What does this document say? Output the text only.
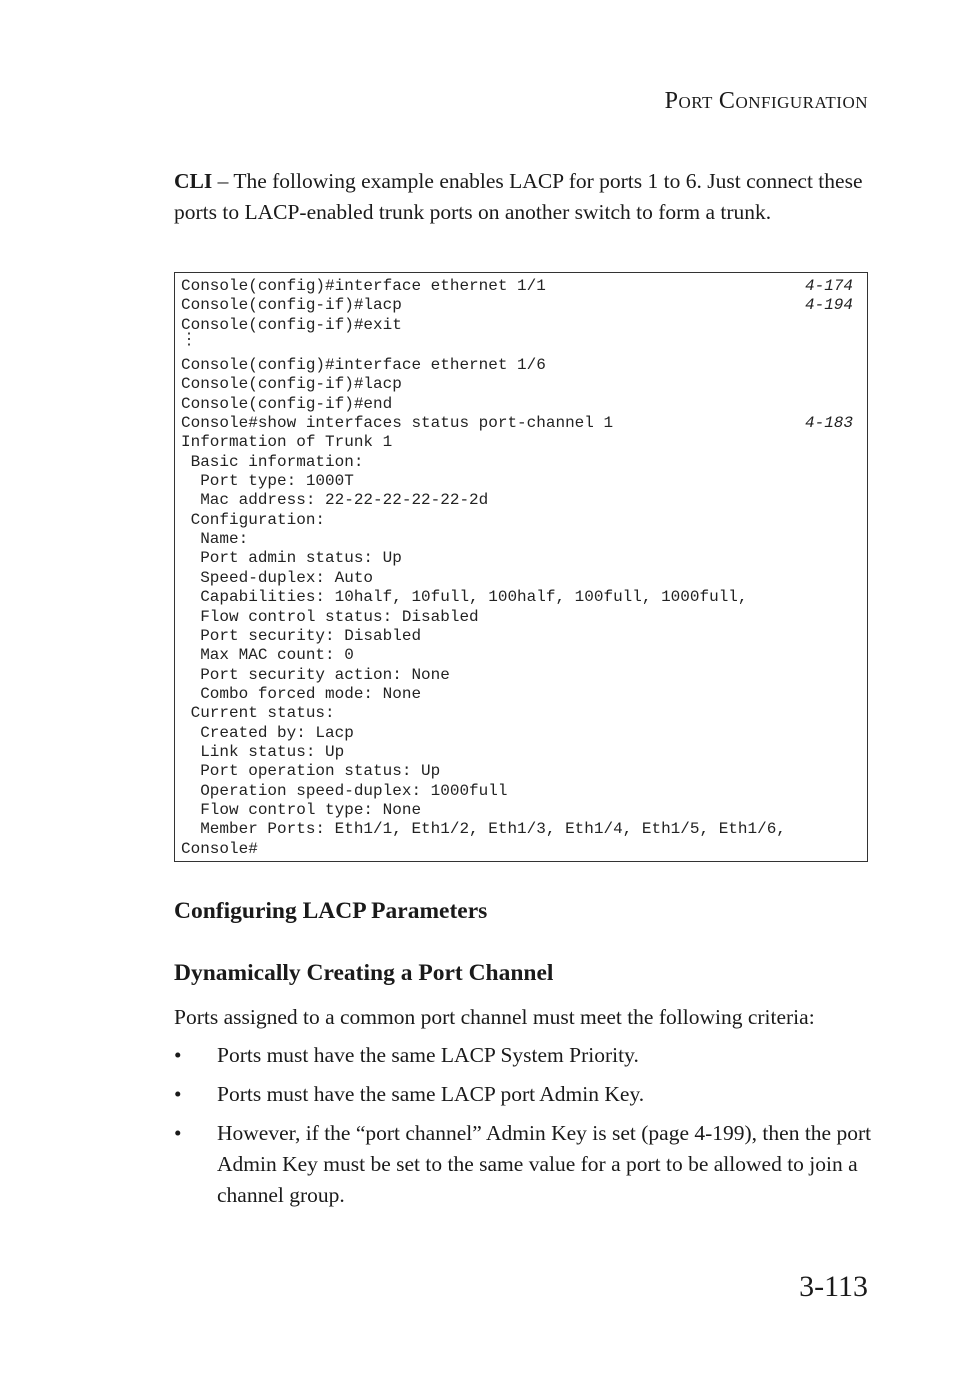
PORT CONFIGURATION

CLI – The following example enables LACP for ports 1 to 6. Just connect these ports to LACP-enabled trunk ports on another switch to form a trunk.

Console(config)#interface ethernet 1/1	4-174
Console(config-if)#lacp	4-194
Console(config-if)#exit
⋮
Console(config)#interface ethernet 1/6
Console(config-if)#lacp
Console(config-if)#end
Console#show interfaces status port-channel 1	4-183
Information of Trunk 1
Basic information:
Port type: 1000T
Mac address: 22-22-22-22-22-2d
Configuration:
Name:
Port admin status: Up
Speed-duplex: Auto
Capabilities: 10half, 10full, 100half, 100full, 1000full,
Flow control status: Disabled
Port security: Disabled
Max MAC count: 0
Port security action: None
Combo forced mode: None
Current status:
Created by: Lacp
Link status: Up
Port operation status: Up
Operation speed-duplex: 1000full
Flow control type: None
Member Ports: Eth1/1, Eth1/2, Eth1/3, Eth1/4, Eth1/5, Eth1/6,
Console#
Configuring LACP Parameters
Dynamically Creating a Port Channel

Ports assigned to a common port channel must meet the following criteria:

• Ports must have the same LACP System Priority.
• Ports must have the same LACP port Admin Key.
• However, if the “port channel” Admin Key is set (page 4-199), then the port Admin Key must be set to the same value for a port to be allowed to join a channel group.
3-113
